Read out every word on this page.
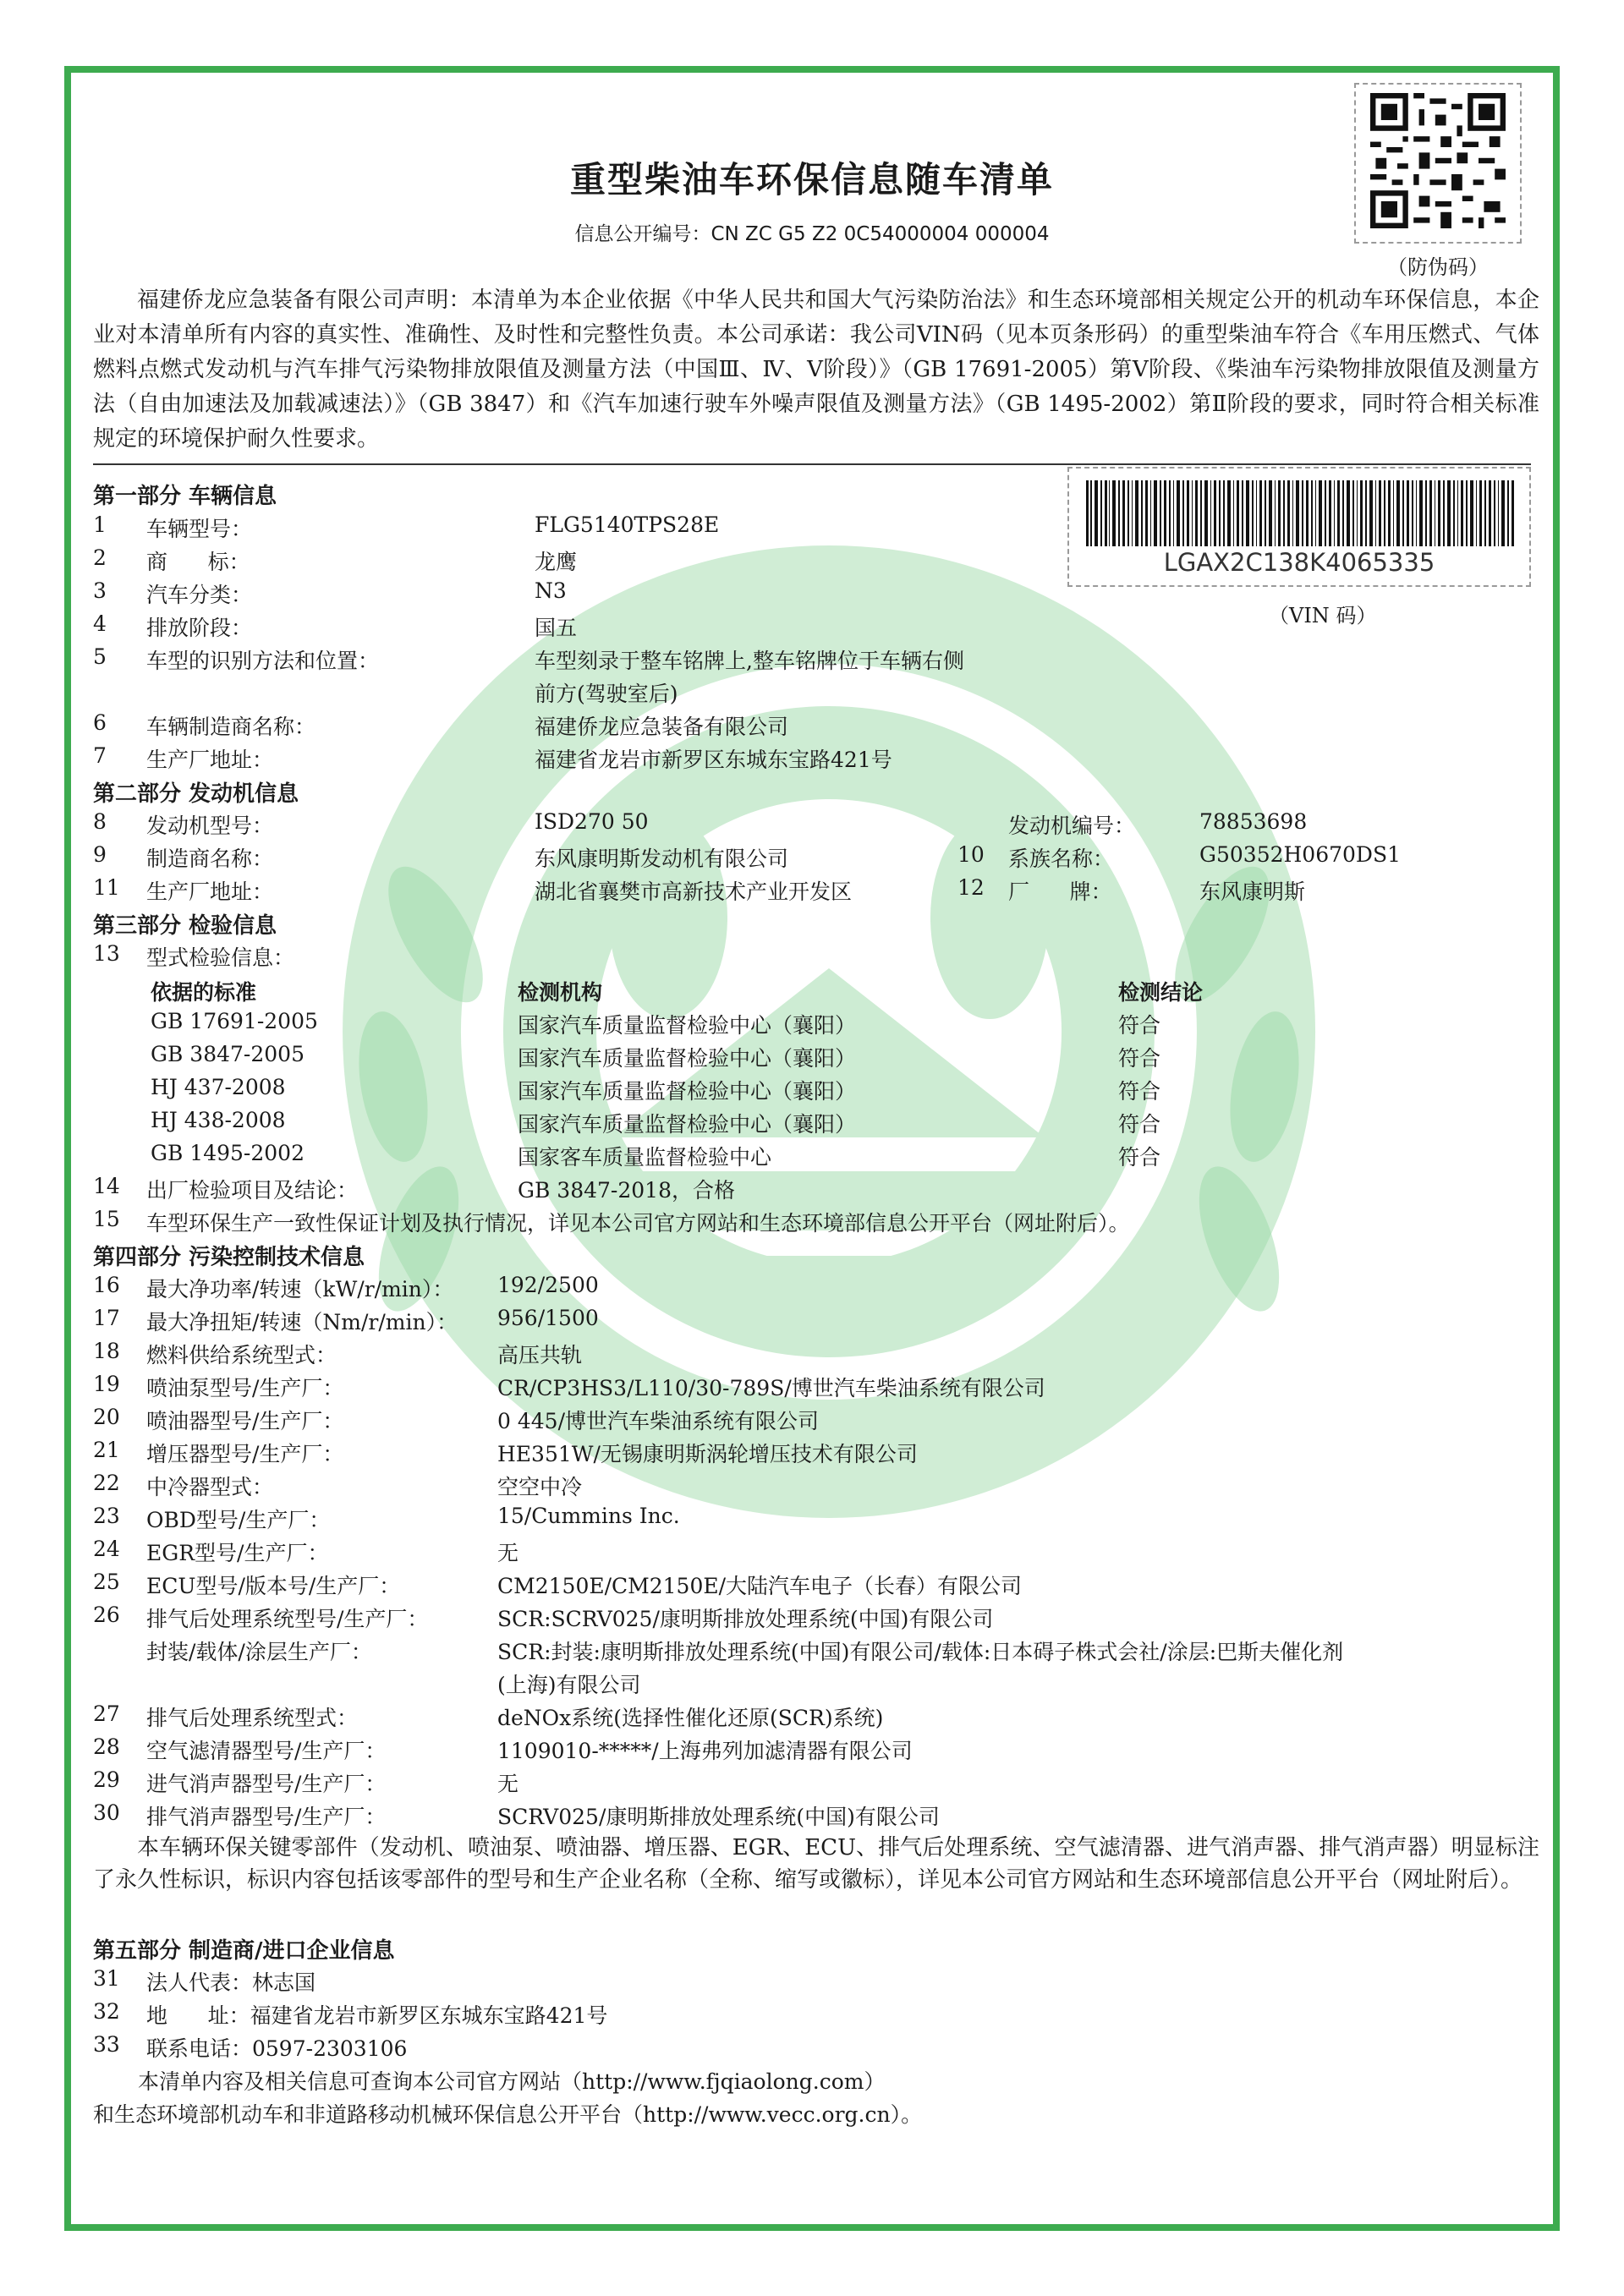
重型柴油车环保信息随车清单
信息公开编号：CN ZC G5 Z2 0C54000004 000004
（防伪码）
福建侨龙应急装备有限公司声明：本清单为本企业依据《中华人民共和国大气污染防治法》和生态环境部相关规定公开的机动车环保信息，本企业对本清单所有内容的真实性、准确性、及时性和完整性负责。本公司承诺：我公司VIN码（见本页条形码）的重型柴油车符合《车用压燃式、气体燃料点燃式发动机与汽车排气污染物排放限值及测量方法（中国Ⅲ、Ⅳ、Ⅴ阶段）》（GB 17691-2005）第Ⅴ阶段、《柴油车污染物排放限值及测量方法（自由加速法及加载减速法）》（GB 3847）和《汽车加速行驶车外噪声限值及测量方法》（GB 1495-2002）第Ⅱ阶段的要求，同时符合相关标准规定的环境保护耐久性要求。
LGAX2C138K4065335
（VIN 码）
第一部分 车辆信息
1 车辆型号：	FLG5140TPS28E
2 商      标：	龙鹰
3 汽车分类：	N3
4 排放阶段：	国五
5 车型的识别方法和位置：	车型刻录于整车铭牌上,整车铭牌位于车辆右侧
前方(驾驶室后)
6 车辆制造商名称：	福建侨龙应急装备有限公司
7 生产厂地址：	福建省龙岩市新罗区东城东宝路421号
第二部分 发动机信息
8 发动机型号：	ISD270 50	发动机编号：	78853698
9 制造商名称：	东风康明斯发动机有限公司	10 系族名称：	G50352H0670DS1
11 生产厂地址：	湖北省襄樊市高新技术产业开发区	12 厂      牌：	东风康明斯
第三部分 检验信息
13 型式检验信息：
依据的标准	检测机构	检测结论
GB 17691-2005	国家汽车质量监督检验中心（襄阳）	符合
GB 3847-2005	国家汽车质量监督检验中心（襄阳）	符合
HJ 437-2008	国家汽车质量监督检验中心（襄阳）	符合
HJ 438-2008	国家汽车质量监督检验中心（襄阳）	符合
GB 1495-2002	国家客车质量监督检验中心	符合
14 出厂检验项目及结论：	GB 3847-2018，合格
15 车型环保生产一致性保证计划及执行情况，详见本公司官方网站和生态环境部信息公开平台（网址附后）。
第四部分 污染控制技术信息
16 最大净功率/转速（kW/r/min）： 192/2500
17 最大净扭矩/转速（Nm/r/min）： 956/1500
18 燃料供给系统型式：	高压共轨
19 喷油泵型号/生产厂：	CR/CP3HS3/L110/30-789S/博世汽车柴油系统有限公司
20 喷油器型号/生产厂：	0 445/博世汽车柴油系统有限公司
21 增压器型号/生产厂：	HE351W/无锡康明斯涡轮增压技术有限公司
22 中冷器型式：	空空中冷
23 OBD型号/生产厂：	15/Cummins Inc.
24 EGR型号/生产厂：	无
25 ECU型号/版本号/生产厂：	CM2150E/CM2150E/大陆汽车电子（长春）有限公司
26 排气后处理系统型号/生产厂：	SCR:SCRV025/康明斯排放处理系统(中国)有限公司
封装/载体/涂层生产厂：	SCR:封装:康明斯排放处理系统(中国)有限公司/载体:日本碍子株式会社/涂层:巴斯夫催化剂
(上海)有限公司
27 排气后处理系统型式：	deNOx系统(选择性催化还原(SCR)系统)
28 空气滤清器型号/生产厂：	1109010-*****/上海弗列加滤清器有限公司
29 进气消声器型号/生产厂：	无
30 排气消声器型号/生产厂：	SCRV025/康明斯排放处理系统(中国)有限公司
本车辆环保关键零部件（发动机、喷油泵、喷油器、增压器、EGR、ECU、排气后处理系统、空气滤清器、进气消声器、排气消声器）明显标注了永久性标识，标识内容包括该零部件的型号和生产企业名称（全称、缩写或徽标），详见本公司官方网站和生态环境部信息公开平台（网址附后）。
第五部分 制造商/进口企业信息
31 法人代表：林志国
32 地      址：福建省龙岩市新罗区东城东宝路421号
33 联系电话：0597-2303106
本清单内容及相关信息可查询本公司官方网站（http://www.fjqiaolong.com）
和生态环境部机动车和非道路移动机械环保信息公开平台（http://www.vecc.org.cn）。
